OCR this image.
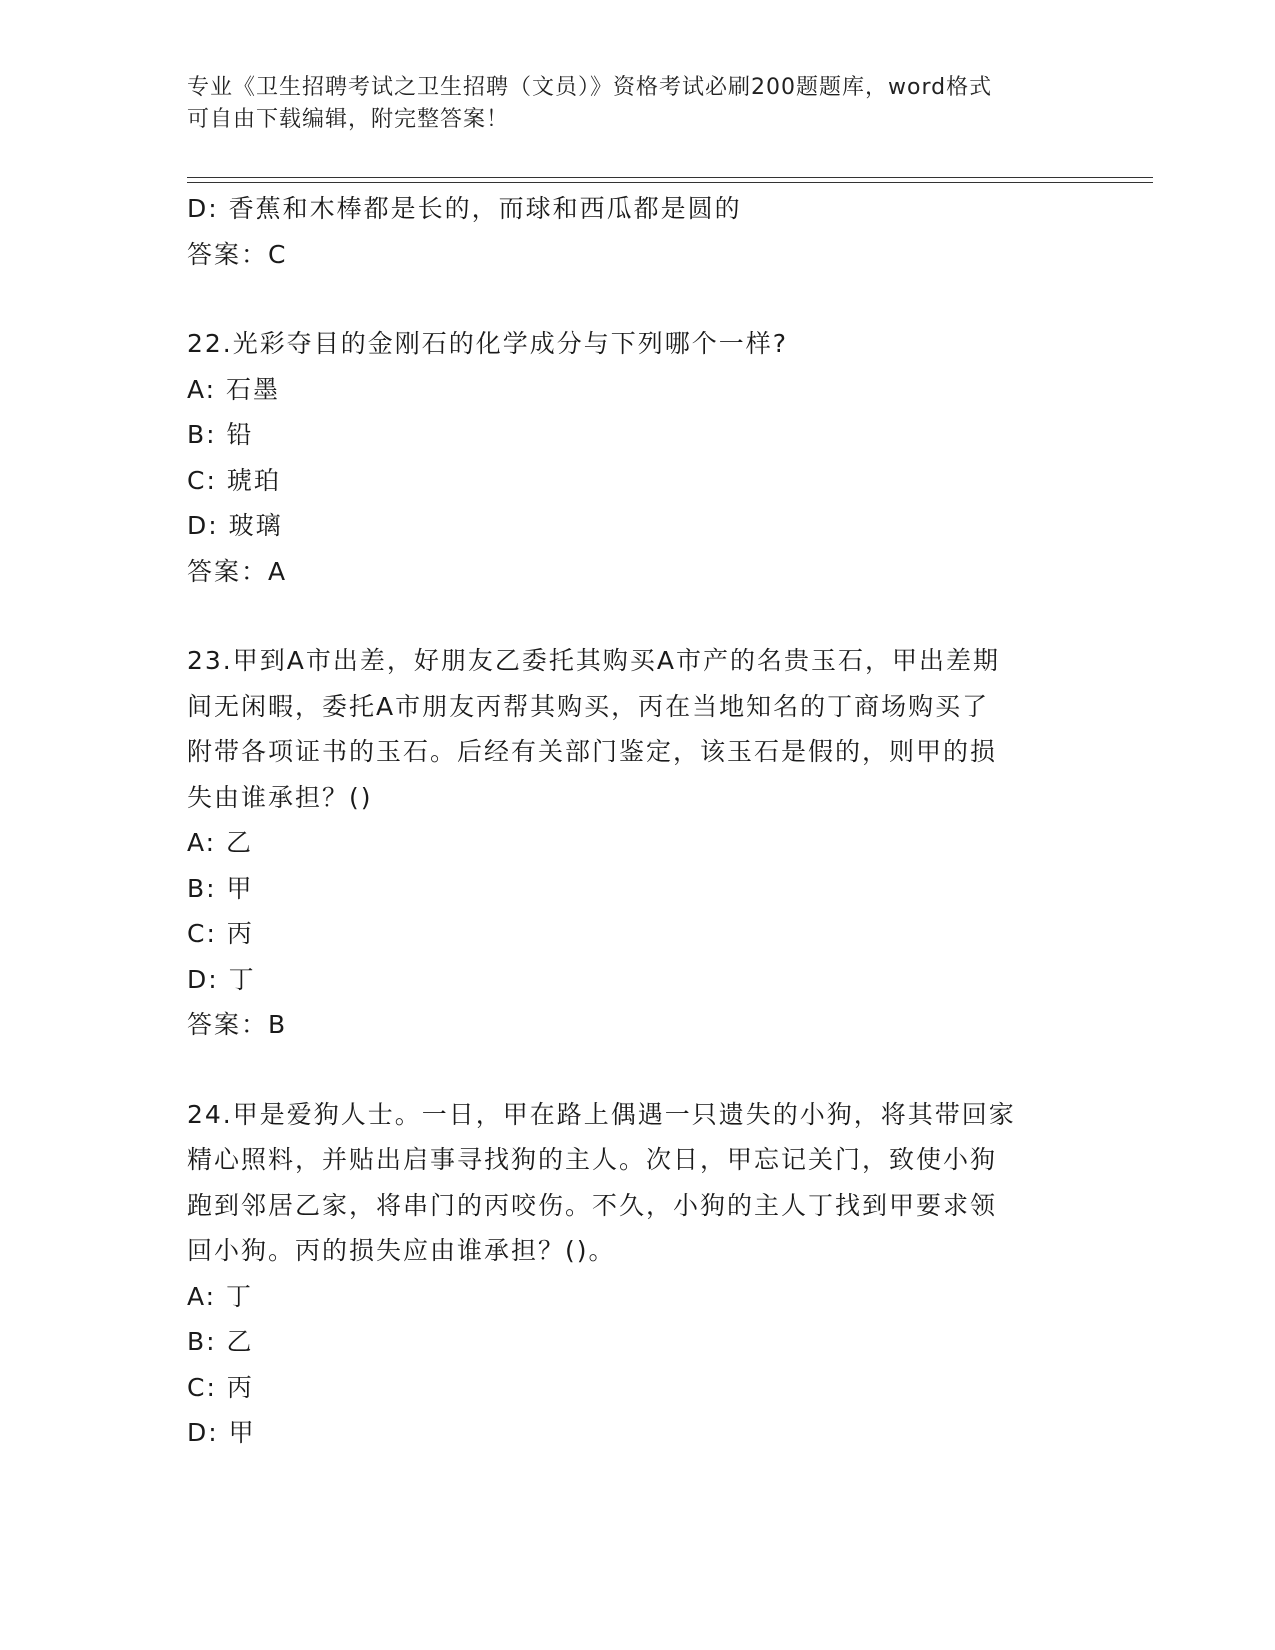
专业《卫生招聘考试之卫生招聘（文员）》资格考试必刷200题题库，word格式
可自由下载编辑，附完整答案！
D: 香蕉和木棒都是长的，而球和西瓜都是圆的
答案：C
22.光彩夺目的金刚石的化学成分与下列哪个一样?
A: 石墨
B: 铅
C: 琥珀
D: 玻璃
答案：A
23.甲到A市出差，好朋友乙委托其购买A市产的名贵玉石，甲出差期
间无闲暇，委托A市朋友丙帮其购买，丙在当地知名的丁商场购买了
附带各项证书的玉石。后经有关部门鉴定，该玉石是假的，则甲的损
失由谁承担？()
A: 乙
B: 甲
C: 丙
D: 丁
答案：B
24.甲是爱狗人士。一日，甲在路上偶遇一只遗失的小狗，将其带回家
精心照料，并贴出启事寻找狗的主人。次日，甲忘记关门，致使小狗
跑到邻居乙家，将串门的丙咬伤。不久，小狗的主人丁找到甲要求领
回小狗。丙的损失应由谁承担？()。
A: 丁
B: 乙
C: 丙
D: 甲
